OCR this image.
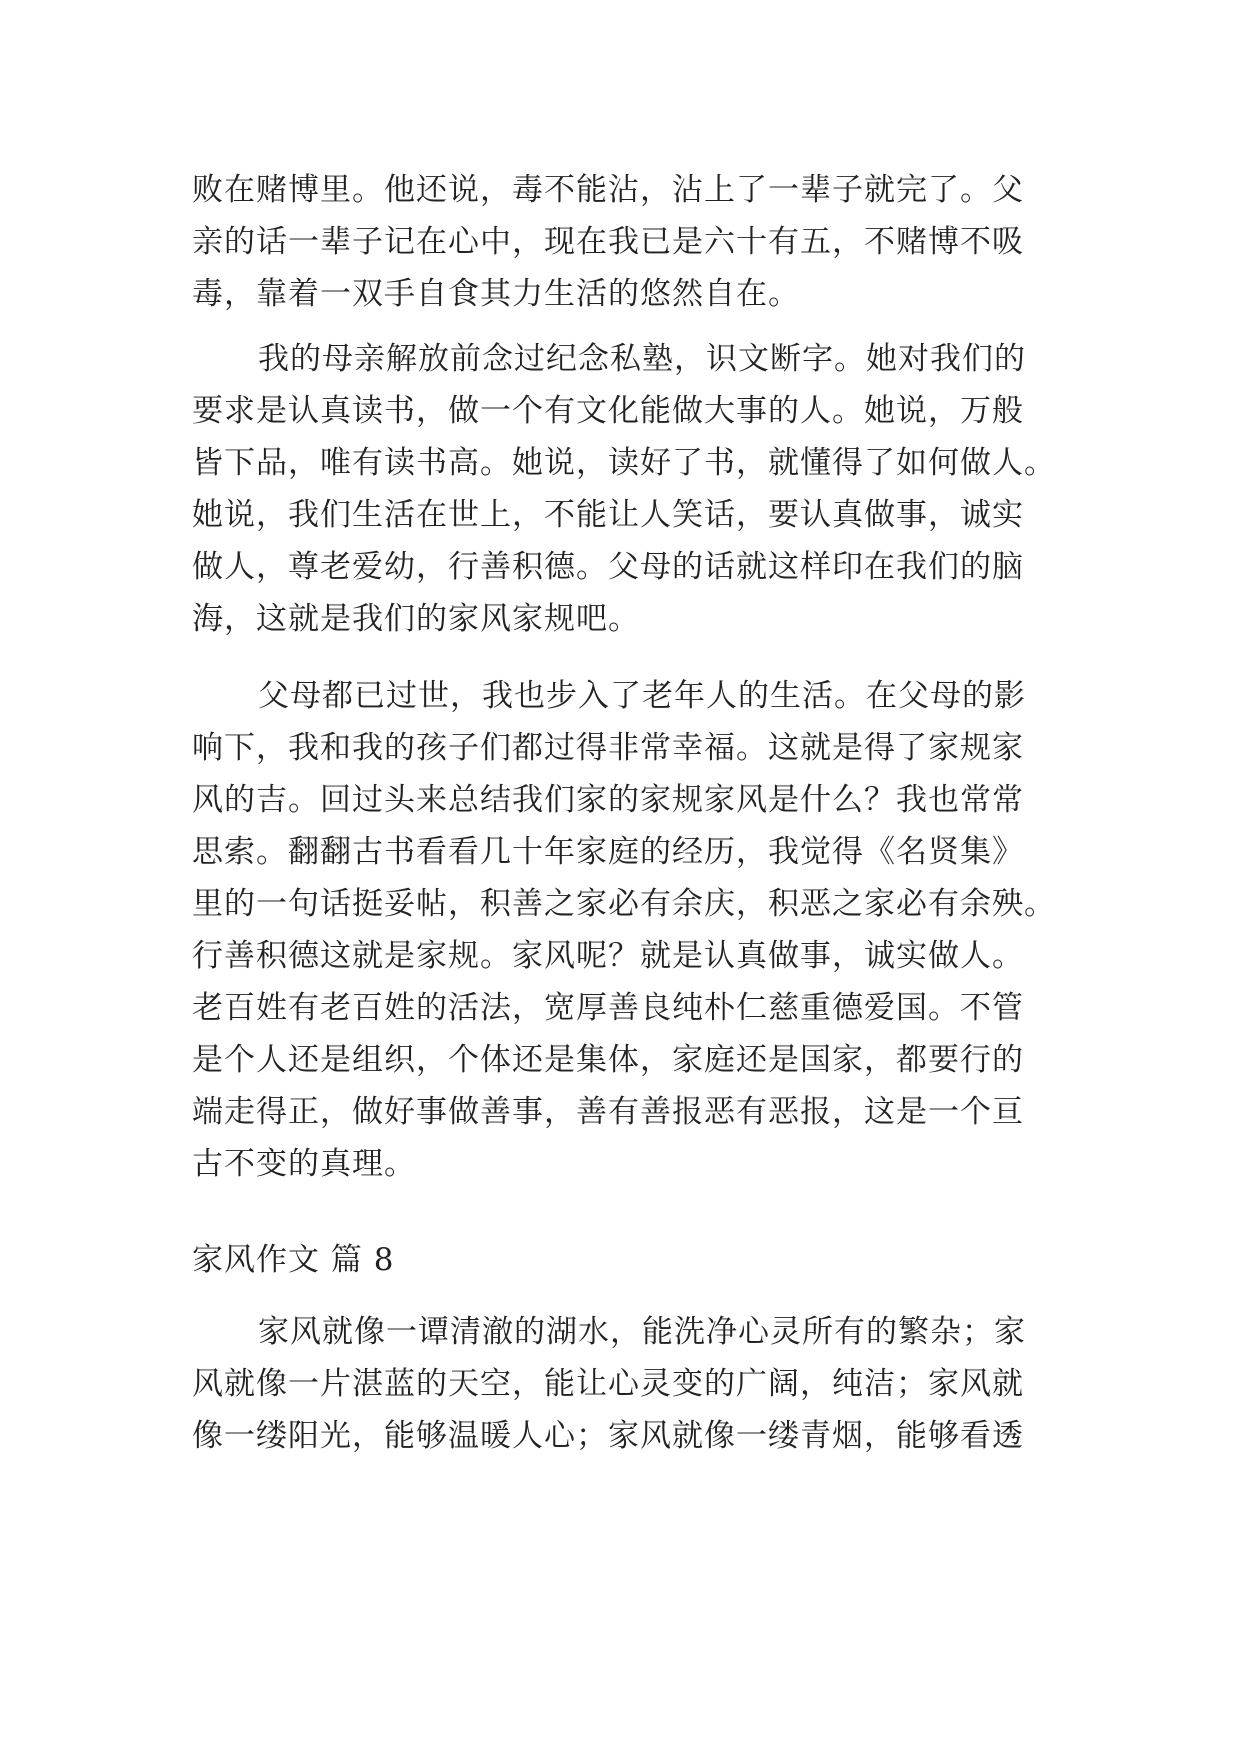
败在赌博里。他还说，毒不能沾，沾上了一辈子就完了。父
亲的话一辈子记在心中，现在我已是六十有五，不赌博不吸
毒，靠着一双手自食其力生活的悠然自在。
我的母亲解放前念过纪念私塾，识文断字。她对我们的
要求是认真读书，做一个有文化能做大事的人。她说，万般
皆下品，唯有读书高。她说，读好了书，就懂得了如何做人。
她说，我们生活在世上，不能让人笑话，要认真做事，诚实
做人，尊老爱幼，行善积德。父母的话就这样印在我们的脑
海，这就是我们的家风家规吧。
父母都已过世，我也步入了老年人的生活。在父母的影
响下，我和我的孩子们都过得非常幸福。这就是得了家规家
风的吉。回过头来总结我们家的家规家风是什么？我也常常
思索。翻翻古书看看几十年家庭的经历，我觉得《名贤集》
里的一句话挺妥帖，积善之家必有余庆，积恶之家必有余殃。
行善积德这就是家规。家风呢？就是认真做事，诚实做人。
老百姓有老百姓的活法，宽厚善良纯朴仁慈重德爱国。不管
是个人还是组织，个体还是集体，家庭还是国家，都要行的
端走得正，做好事做善事，善有善报恶有恶报，这是一个亘
古不变的真理。
家风作文 篇 8
家风就像一谭清澈的湖水，能洗净心灵所有的繁杂；家
风就像一片湛蓝的天空，能让心灵变的广阔，纯洁；家风就
像一缕阳光，能够温暖人心；家风就像一缕青烟，能够看透
